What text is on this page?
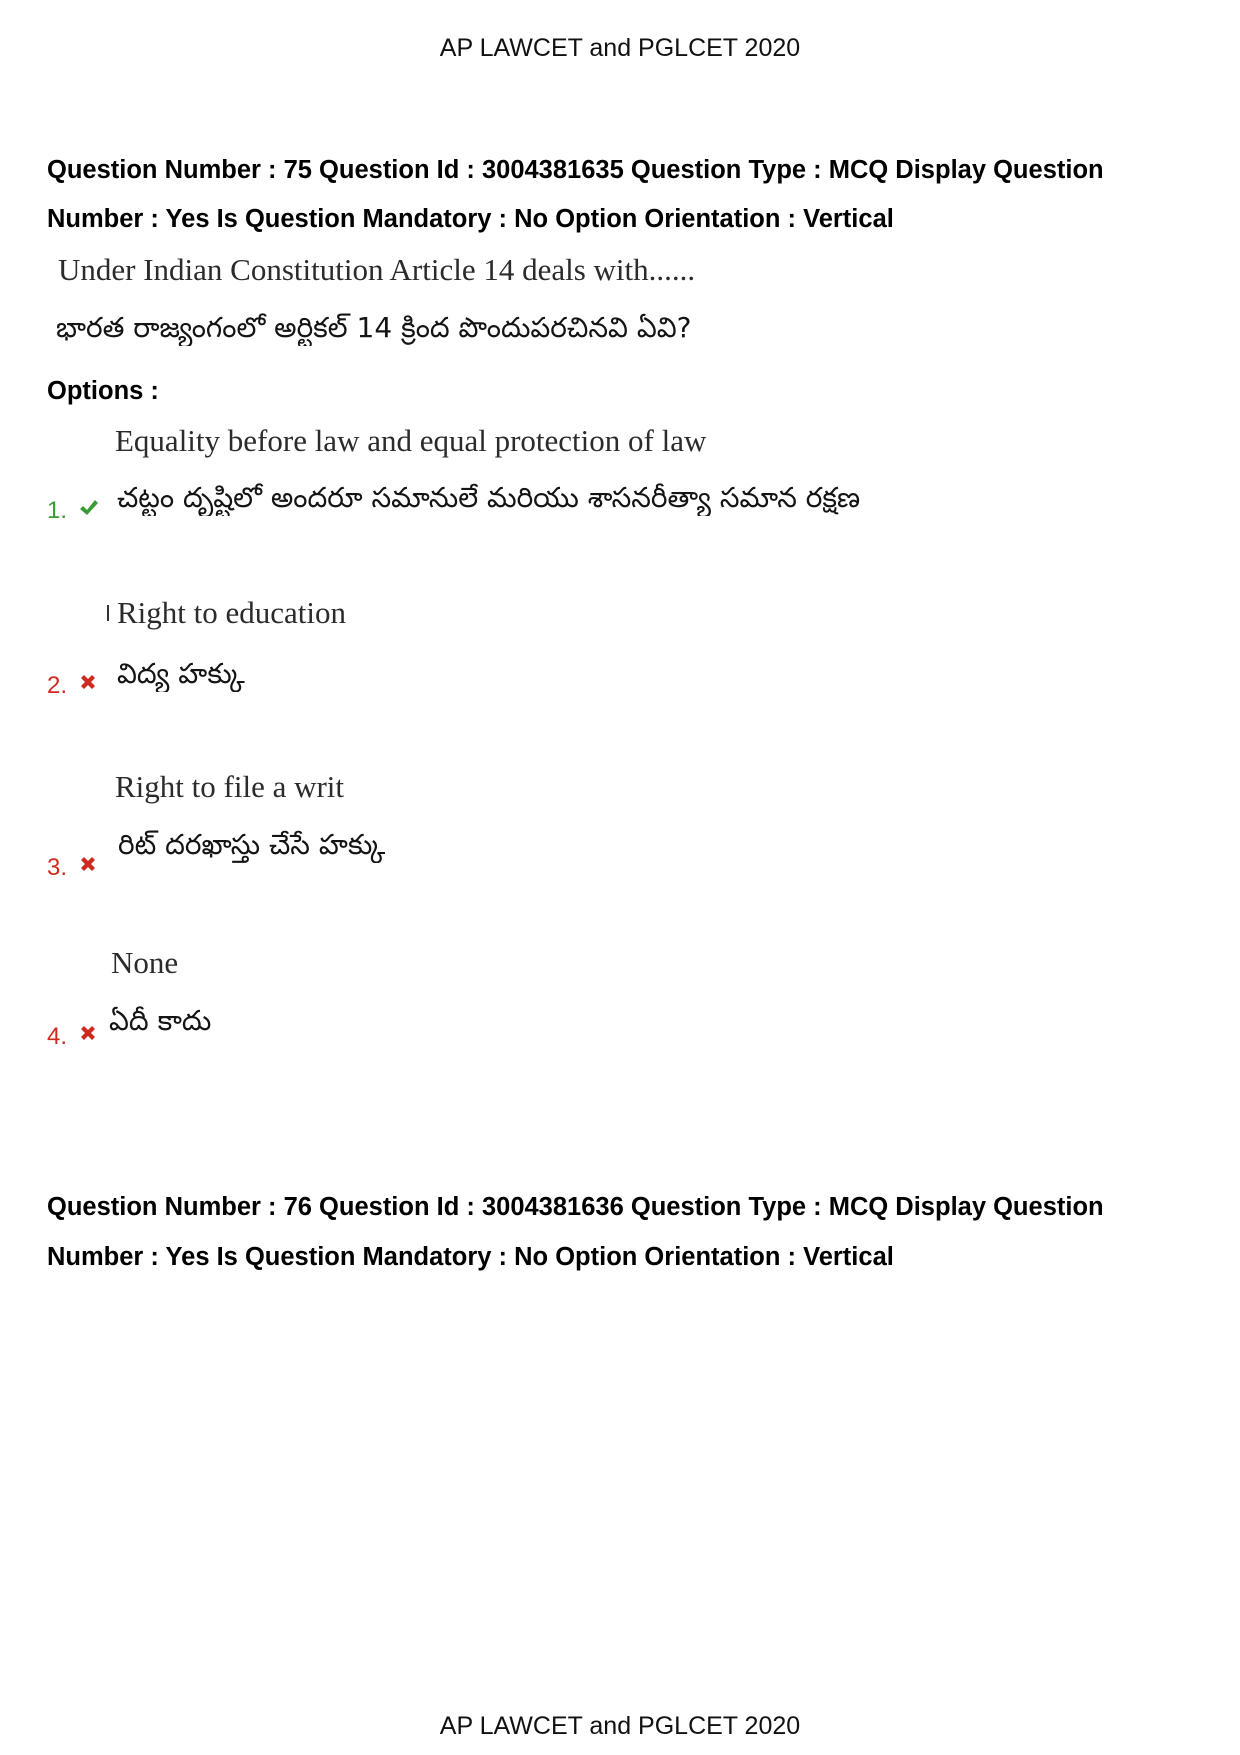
AP LAWCET and PGLCET 2020
Question Number : 75 Question Id : 3004381635 Question Type : MCQ Display Question
Number : Yes Is Question Mandatory : No Option Orientation : Vertical
Under Indian Constitution Article 14 deals with......
భారత రాజ్యంగంలో అర్టికల్ 14 క్రింద పొందుపరచినవి ఏవి?
Options :
Equality before law and equal protection of law
చట్టం దృష్టిలో అందరూ సమానులే మరియు శాసనరీత్యా సమాన రక్షణ
1.
Right to education
విద్య హక్కు
2.
Right to file a writ
రిట్ దరఖాస్తు చేసే హక్కు
3.
None
ఏదీ కాదు
4.
Question Number : 76 Question Id : 3004381636 Question Type : MCQ Display Question
Number : Yes Is Question Mandatory : No Option Orientation : Vertical
AP LAWCET and PGLCET 2020
